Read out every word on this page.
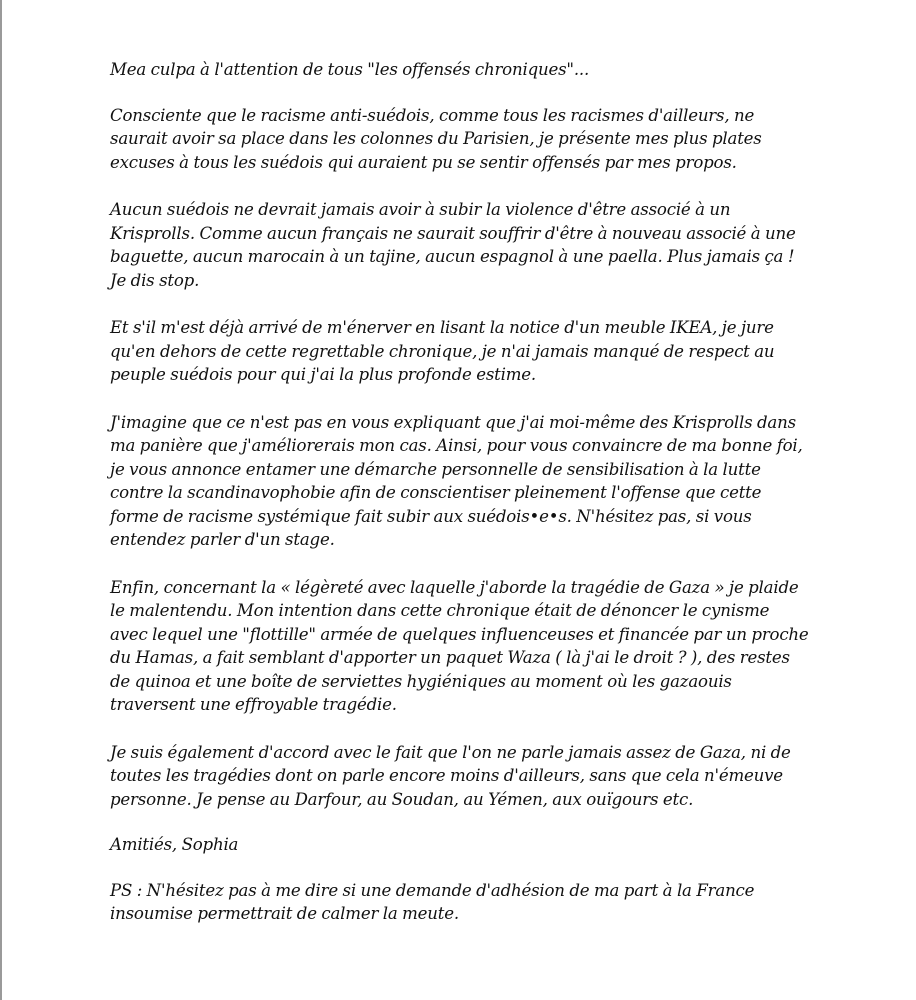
Mea culpa à l'attention de tous "les offensés chroniques"...

Consciente que le racisme anti-suédois, comme tous les racismes d'ailleurs, ne
saurait avoir sa place dans les colonnes du Parisien, je présente mes plus plates
excuses à tous les suédois qui auraient pu se sentir offensés par mes propos.

Aucun suédois ne devrait jamais avoir à subir la violence d'être associé à un
Krisprolls. Comme aucun français ne saurait souffrir d'être à nouveau associé à une
baguette, aucun marocain à un tajine, aucun espagnol à une paella. Plus jamais ça !
Je dis stop.

Et s'il m'est déjà arrivé de m'énerver en lisant la notice d'un meuble IKEA, je jure
qu'en dehors de cette regrettable chronique, je n'ai jamais manqué de respect au
peuple suédois pour qui j'ai la plus profonde estime.

J'imagine que ce n'est pas en vous expliquant que j'ai moi-même des Krisprolls dans
ma panière que j'améliorerais mon cas. Ainsi, pour vous convaincre de ma bonne foi,
je vous annonce entamer une démarche personnelle de sensibilisation à la lutte
contre la scandinavophobie afin de conscientiser pleinement l'offense que cette
forme de racisme systémique fait subir aux suédois•e•s. N'hésitez pas, si vous
entendez parler d'un stage.

Enfin, concernant la « légèreté avec laquelle j'aborde la tragédie de Gaza » je plaide
le malentendu. Mon intention dans cette chronique était de dénoncer le cynisme
avec lequel une "flottille" armée de quelques influenceuses et financée par un proche
du Hamas, a fait semblant d'apporter un paquet Waza ( là j'ai le droit ? ), des restes
de quinoa et une boîte de serviettes hygiéniques au moment où les gazaouis
traversent une effroyable tragédie.

Je suis également d'accord avec le fait que l'on ne parle jamais assez de Gaza, ni de
toutes les tragédies dont on parle encore moins d'ailleurs, sans que cela n'émeuve
personne. Je pense au Darfour, au Soudan, au Yémen, aux ouïgours etc.

Amitiés, Sophia

PS : N'hésitez pas à me dire si une demande d'adhésion de ma part à la France
insoumise permettrait de calmer la meute.
